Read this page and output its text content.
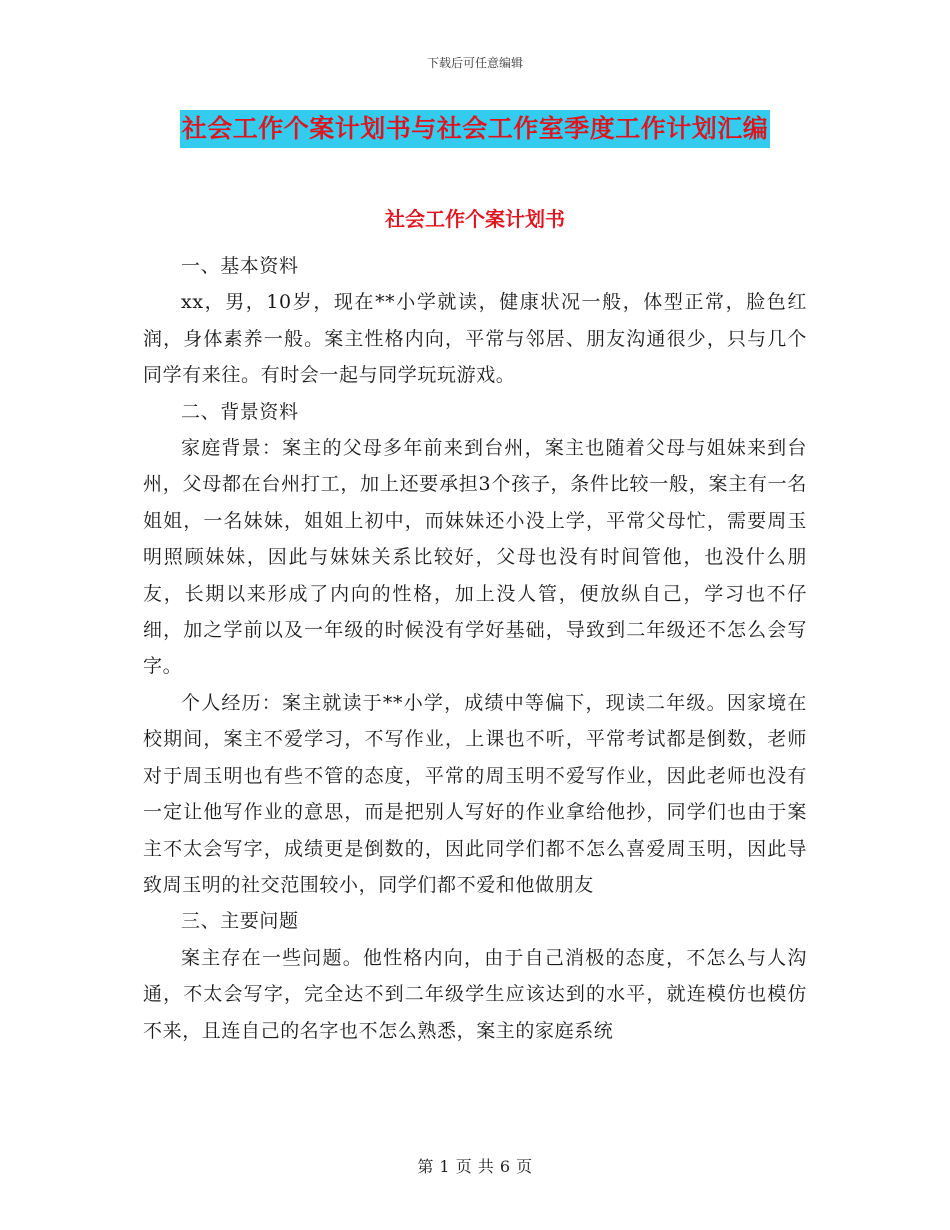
下载后可任意编辑
社会工作个案计划书与社会工作室季度工作计划汇编
社会工作个案计划书

一、基本资料

xx，男，10岁，现在**小学就读，健康状况一般，体型正常，脸色红润，身体素养一般。案主性格内向，平常与邻居、朋友沟通很少，只与几个同学有来往。有时会一起与同学玩玩游戏。

二、背景资料

家庭背景：案主的父母多年前来到台州，案主也随着父母与姐妹来到台州，父母都在台州打工，加上还要承担3个孩子，条件比较一般，案主有一名姐姐，一名妹妹，姐姐上初中，而妹妹还小没上学，平常父母忙，需要周玉明照顾妹妹，因此与妹妹关系比较好，父母也没有时间管他，也没什么朋友，长期以来形成了内向的性格，加上没人管，便放纵自己，学习也不仔细，加之学前以及一年级的时候没有学好基础，导致到二年级还不怎么会写字。

个人经历：案主就读于**小学，成绩中等偏下，现读二年级。因家境在校期间，案主不爱学习，不写作业，上课也不听，平常考试都是倒数，老师对于周玉明也有些不管的态度，平常的周玉明不爱写作业，因此老师也没有一定让他写作业的意思，而是把别人写好的作业拿给他抄，同学们也由于案主不太会写字，成绩更是倒数的，因此同学们都不怎么喜爱周玉明，因此导致周玉明的社交范围较小，同学们都不爱和他做朋友

三、主要问题

案主存在一些问题。他性格内向，由于自己消极的态度，不怎么与人沟通，不太会写字，完全达不到二年级学生应该达到的水平，就连模仿也模仿不来，且连自己的名字也不怎么熟悉，案主的家庭系统

第 1 页 共 6 页
